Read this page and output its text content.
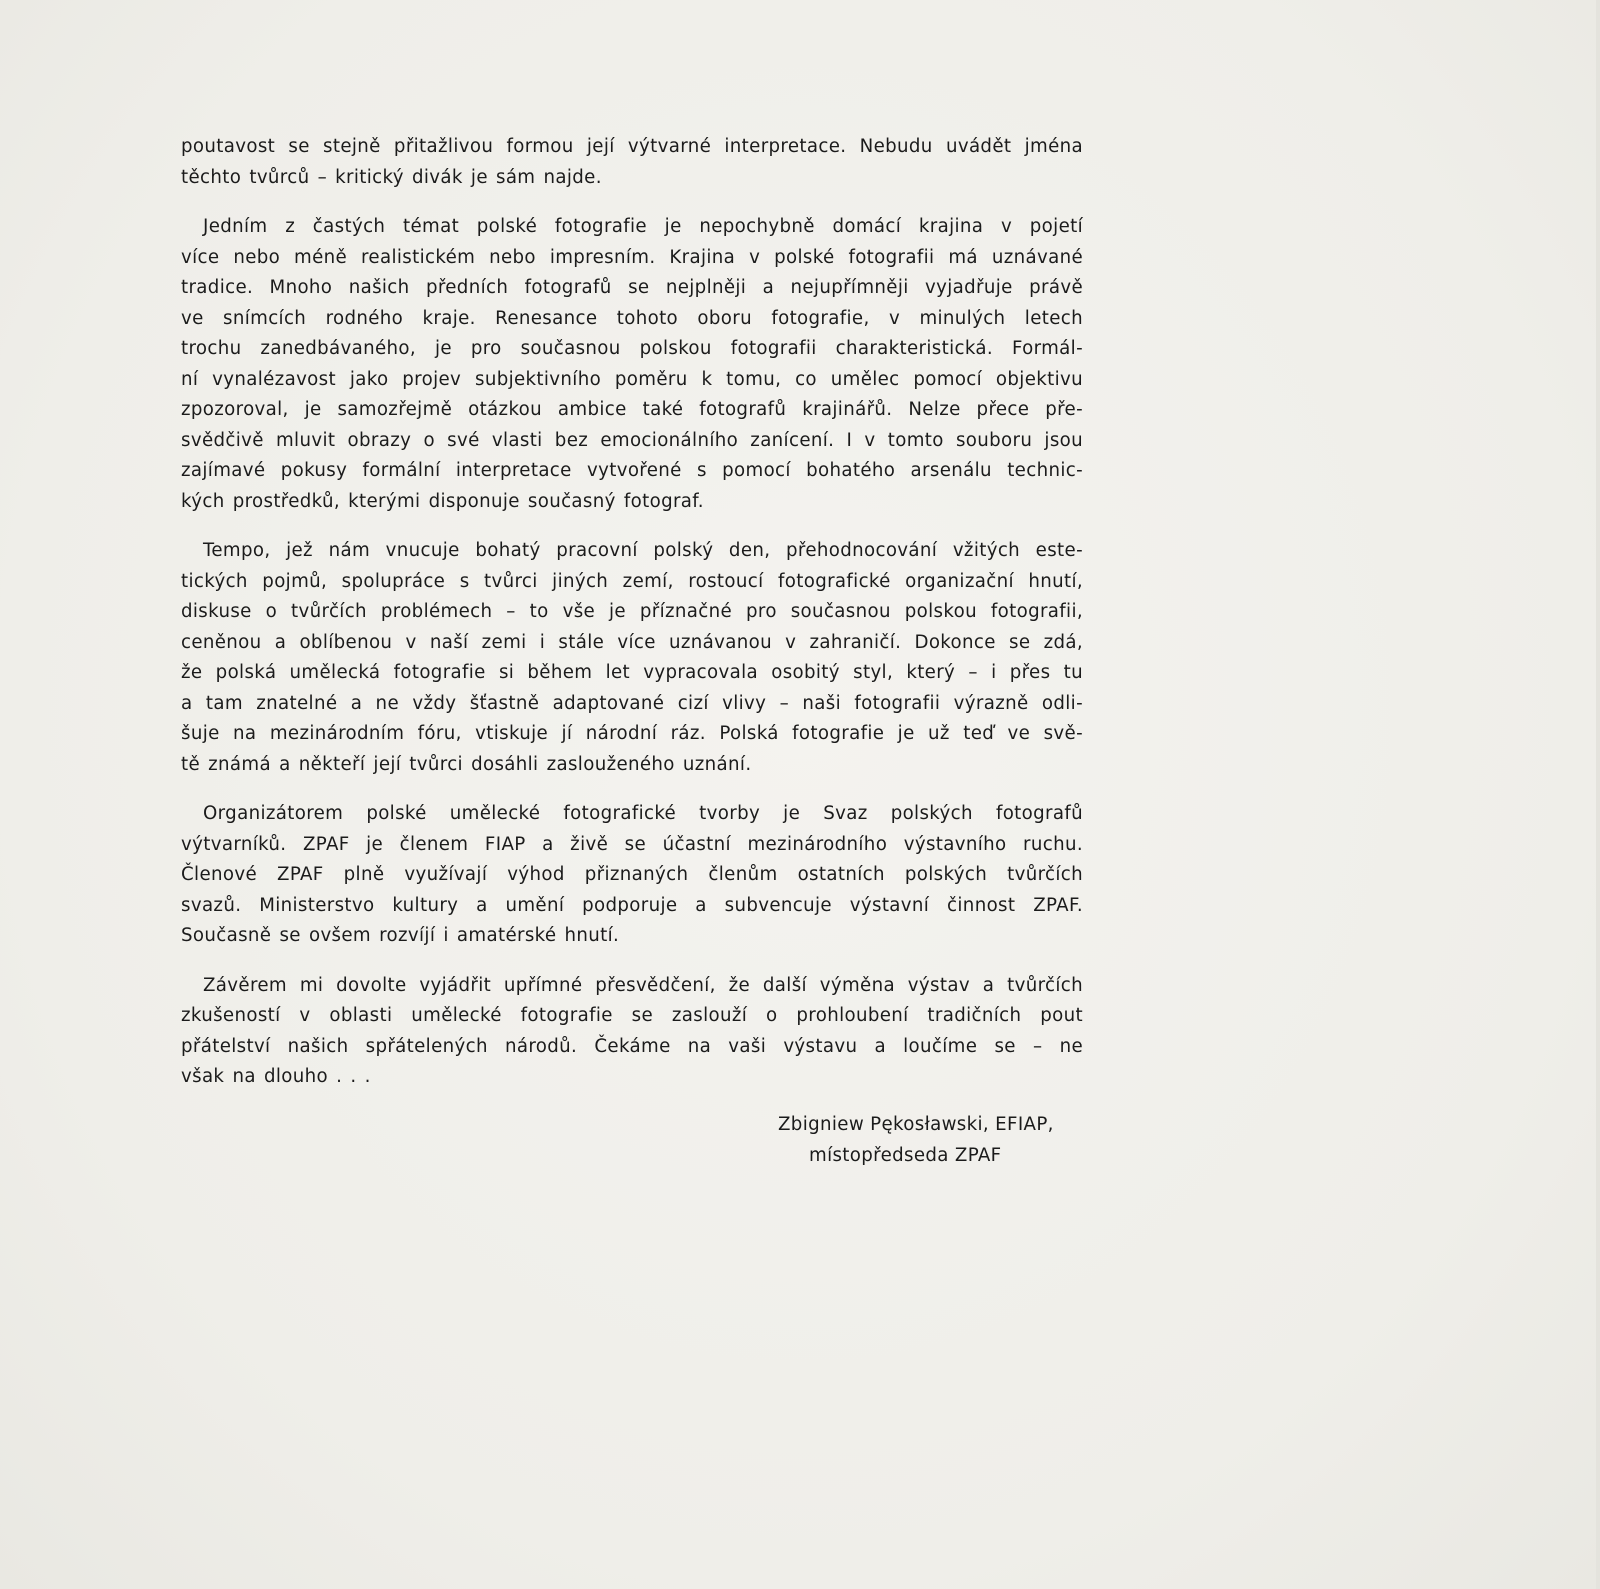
poutavost se stejně přitažlivou formou její výtvarné interpretace. Nebudu uvádět jména
těchto tvůrců – kritický divák je sám najde.

Jedním z častých témat polské fotografie je nepochybně domácí krajina v pojetí
více nebo méně realistickém nebo impresním. Krajina v polské fotografii má uznávané
tradice. Mnoho našich předních fotografů se nejplněji a nejupřímněji vyjadřuje právě
ve snímcích rodného kraje. Renesance tohoto oboru fotografie, v minulých letech
trochu zanedbávaného, je pro současnou polskou fotografii charakteristická. Formál-
ní vynalézavost jako projev subjektivního poměru k tomu, co umělec pomocí objektivu
zpozoroval, je samozřejmě otázkou ambice také fotografů krajinářů. Nelze přece pře-
svědčivě mluvit obrazy o své vlasti bez emocionálního zanícení. I v tomto souboru jsou
zajímavé pokusy formální interpretace vytvořené s pomocí bohatého arsenálu technic-
kých prostředků, kterými disponuje současný fotograf.

Tempo, jež nám vnucuje bohatý pracovní polský den, přehodnocování vžitých este-
tických pojmů, spolupráce s tvůrci jiných zemí, rostoucí fotografické organizační hnutí,
diskuse o tvůrčích problémech – to vše je příznačné pro současnou polskou fotografii,
ceněnou a oblíbenou v naší zemi i stále více uznávanou v zahraničí. Dokonce se zdá,
že polská umělecká fotografie si během let vypracovala osobitý styl, který – i přes tu
a tam znatelné a ne vždy šťastně adaptované cizí vlivy – naši fotografii výrazně odli-
šuje na mezinárodním fóru, vtiskuje jí národní ráz. Polská fotografie je už teď ve svě-
tě známá a někteří její tvůrci dosáhli zaslouženého uznání.

Organizátorem polské umělecké fotografické tvorby je Svaz polských fotografů
výtvarníků. ZPAF je členem FIAP a živě se účastní mezinárodního výstavního ruchu.
Členové ZPAF plně využívají výhod přiznaných členům ostatních polských tvůrčích
svazů. Ministerstvo kultury a umění podporuje a subvencuje výstavní činnost ZPAF.
Současně se ovšem rozvíjí i amatérské hnutí.

Závěrem mi dovolte vyjádřit upřímné přesvědčení, že další výměna výstav a tvůrčích
zkušeností v oblasti umělecké fotografie se zaslouží o prohloubení tradičních pout
přátelství našich spřátelených národů. Čekáme na vaši výstavu a loučíme se – ne
však na dlouho . . .

Zbigniew Pękosławski, EFIAP,
místopředseda ZPAF
